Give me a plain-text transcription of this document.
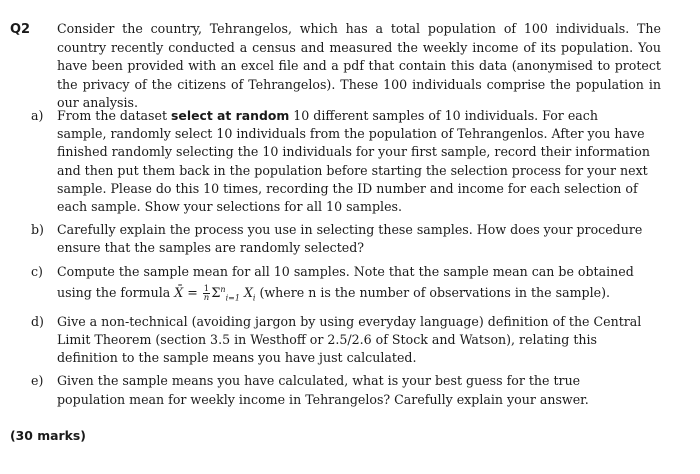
Q2 Consider the country, Tehrangelos, which has a total population of 100 individuals. The country recently conducted a census and measured the weekly income of its population. You have been provided with an excel file and a pdf that contain this data (anonymised to protect the privacy of the citizens of Tehrangelos). These 100 individuals comprise the population in our analysis.
a)	From the dataset select at random 10 different samples of 10 individuals. For each sample, randomly select 10 individuals from the population of Tehrangenlos. After you have finished randomly selecting the 10 individuals for your first sample, record their information and then put them back in the population before starting the selection process for your next sample. Please do this 10 times, recording the ID number and income for each selection of each sample. Show your selections for all 10 samples.
b)	Carefully explain the process you use in selecting these samples. How does your procedure ensure that the samples are randomly selected?
c)	Compute the sample mean for all 10 samples. Note that the sample mean can be obtained using the formula X̄ = $\frac{1}{n} \Sigma^n_{i=1}$ $X_i$ (where n is the number of observations in the sample).
d)	Give a non-technical (avoiding jargon by using everyday language) definition of the Central Limit Theorem (section 3.5 in Westhoff or 2.5/2.6 of Stock and Watson), relating this definition to the sample means you have just calculated.
e)	Given the sample means you have calculated, what is your best guess for the true population mean for weekly income in Tehrangelos? Carefully explain your answer.
(30 marks)
